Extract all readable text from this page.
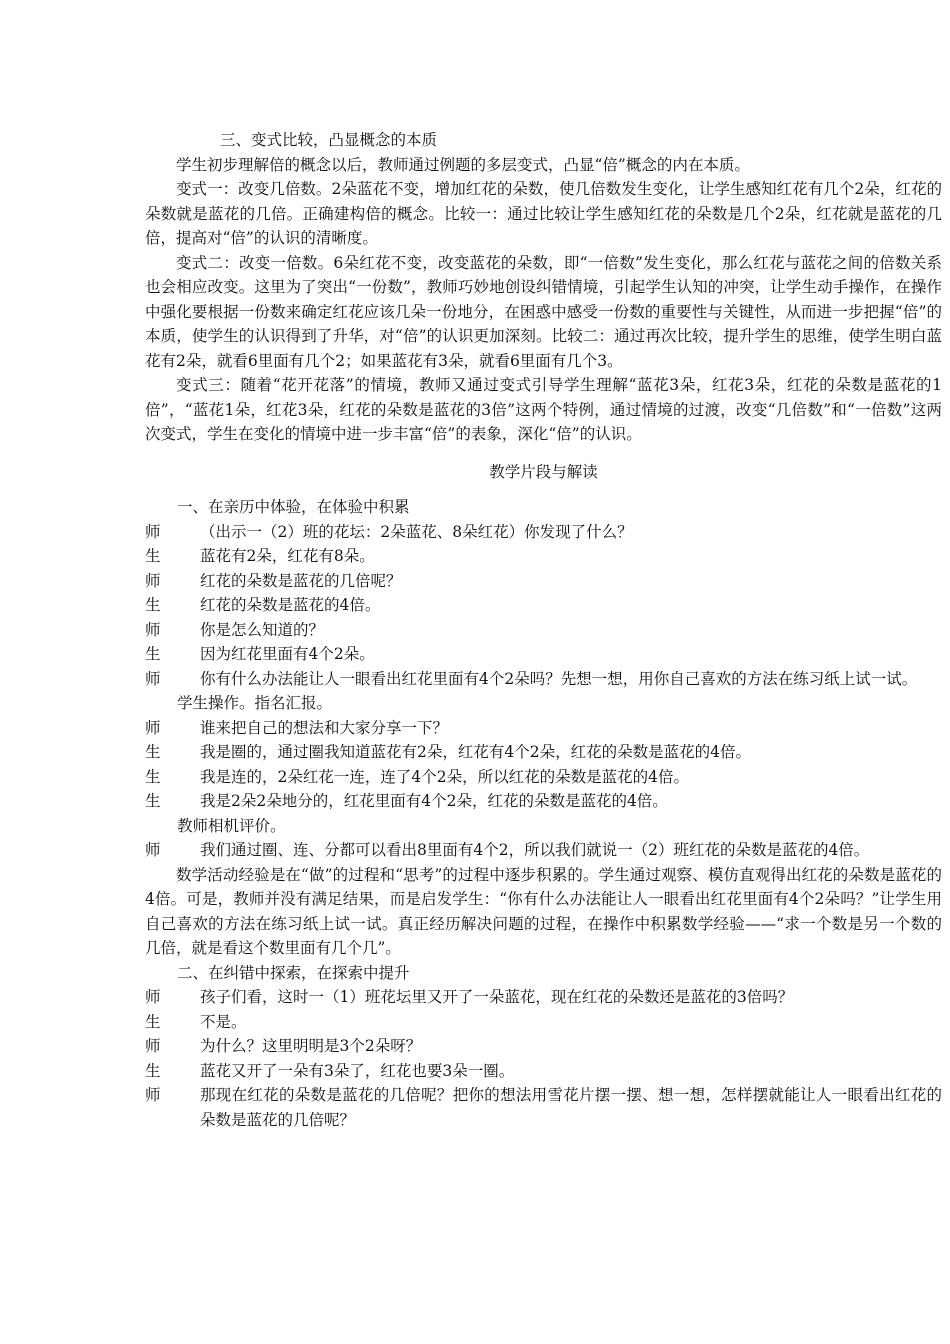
三、变式比较，凸显概念的本质

学生初步理解倍的概念以后，教师通过例题的多层变式，凸显“倍”概念的内在本质。

变式一：改变几倍数。2朵蓝花不变，增加红花的朵数，使几倍数发生变化，让学生感知红花有几个2朵，红花的朵数就是蓝花的几倍。正确建构倍的概念。比较一：通过比较让学生感知红花的朵数是几个2朵，红花就是蓝花的几倍，提高对“倍”的认识的清晰度。

变式二：改变一倍数。6朵红花不变，改变蓝花的朵数，即“一倍数”发生变化，那么红花与蓝花之间的倍数关系也会相应改变。这里为了突出“一份数”，教师巧妙地创设纠错情境，引起学生认知的冲突，让学生动手操作，在操作中强化要根据一份数来确定红花应该几朵一份地分，在困惑中感受一份数的重要性与关键性，从而进一步把握“倍”的本质，使学生的认识得到了升华，对“倍”的认识更加深刻。比较二：通过再次比较，提升学生的思维，使学生明白蓝花有2朵，就看6里面有几个2；如果蓝花有3朵，就看6里面有几个3。

变式三：随着“花开花落”的情境，教师又通过变式引导学生理解“蓝花3朵，红花3朵，红花的朵数是蓝花的1倍”，“蓝花1朵，红花3朵，红花的朵数是蓝花的3倍”这两个特例，通过情境的过渡，改变“几倍数”和“一倍数”这两次变式，学生在变化的情境中进一步丰富“倍”的表象，深化“倍”的认识。

教学片段与解读

一、在亲历中体验，在体验中积累

师	（出示一（2）班的花坛：2朵蓝花、8朵红花）你发现了什么？
生	蓝花有2朵，红花有8朵。
师	红花的朵数是蓝花的几倍呢？
生	红花的朵数是蓝花的4倍。
师	你是怎么知道的？
生	因为红花里面有4个2朵。
师	你有什么办法能让人一眼看出红花里面有4个2朵吗？先想一想，用你自己喜欢的方法在练习纸上试一试。

学生操作。指名汇报。

师	谁来把自己的想法和大家分享一下？
生	我是圈的，通过圈我知道蓝花有2朵，红花有4个2朵，红花的朵数是蓝花的4倍。
生	我是连的，2朵红花一连，连了4个2朵，所以红花的朵数是蓝花的4倍。
生	我是2朵2朵地分的，红花里面有4个2朵，红花的朵数是蓝花的4倍。

教师相机评价。

师	我们通过圈、连、分都可以看出8里面有4个2，所以我们就说一（2）班红花的朵数是蓝花的4倍。

数学活动经验是在“做”的过程和“思考”的过程中逐步积累的。学生通过观察、模仿直观得出红花的朵数是蓝花的4倍。可是，教师并没有满足结果，而是启发学生：“你有什么办法能让人一眼看出红花里面有4个2朵吗？”让学生用自己喜欢的方法在练习纸上试一试。真正经历解决问题的过程，在操作中积累数学经验——“求一个数是另一个数的几倍，就是看这个数里面有几个几”。

二、在纠错中探索，在探索中提升

师	孩子们看，这时一（1）班花坛里又开了一朵蓝花，现在红花的朵数还是蓝花的3倍吗？
生	不是。
师	为什么？这里明明是3个2朵呀？
生	蓝花又开了一朵有3朵了，红花也要3朵一圈。
师	那现在红花的朵数是蓝花的几倍呢？把你的想法用雪花片摆一摆、想一想，怎样摆就能让人一眼看出红花的朵数是蓝花的几倍呢？
